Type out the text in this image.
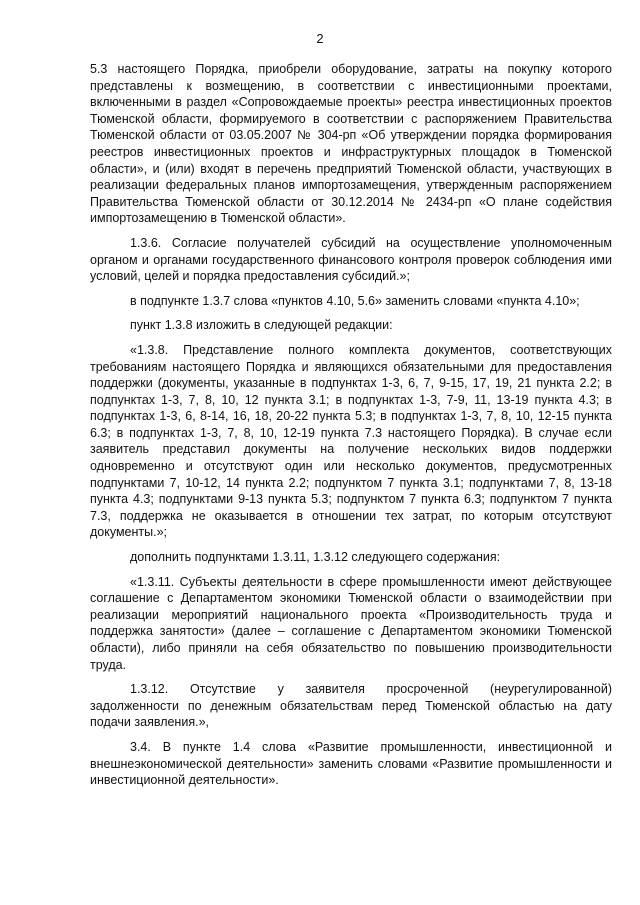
2

5.3 настоящего Порядка, приобрели оборудование, затраты на покупку которого представлены к возмещению, в соответствии с инвестиционными проектами, включенными в раздел «Сопровождаемые проекты» реестра инвестиционных проектов Тюменской области, формируемого в соответствии с распоряжением Правительства Тюменской области от 03.05.2007 № 304-рп «Об утверждении порядка формирования реестров инвестиционных проектов и инфраструктурных площадок в Тюменской области», и (или) входят в перечень предприятий Тюменской области, участвующих в реализации федеральных планов импортозамещения, утвержденным распоряжением Правительства Тюменской области от 30.12.2014 № 2434-рп «О плане содействия импортозамещению в Тюменской области».

1.3.6. Согласие получателей субсидий на осуществление уполномоченным органом и органами государственного финансового контроля проверок соблюдения ими условий, целей и порядка предоставления субсидий.»;

в подпункте 1.3.7 слова «пунктов 4.10, 5.6» заменить словами «пункта 4.10»;

пункт 1.3.8 изложить в следующей редакции:

«1.3.8. Представление полного комплекта документов, соответствующих требованиям настоящего Порядка и являющихся обязательными для предоставления поддержки (документы, указанные в подпунктах 1-3, 6, 7, 9-15, 17, 19, 21 пункта 2.2; в подпунктах 1-3, 7, 8, 10, 12 пункта 3.1; в подпунктах 1-3, 7-9, 11, 13-19 пункта 4.3; в подпунктах 1-3, 6, 8-14, 16, 18, 20-22 пункта 5.3; в подпунктах 1-3, 7, 8, 10, 12-15 пункта 6.3; в подпунктах 1-3, 7, 8, 10, 12-19 пункта 7.3 настоящего Порядка). В случае если заявитель представил документы на получение нескольких видов поддержки одновременно и отсутствуют один или несколько документов, предусмотренных подпунктами 7, 10-12, 14 пункта 2.2; подпунктом 7 пункта 3.1; подпунктами 7, 8, 13-18 пункта 4.3; подпунктами 9-13 пункта 5.3; подпунктом 7 пункта 6.3; подпунктом 7 пункта 7.3, поддержка не оказывается в отношении тех затрат, по которым отсутствуют документы.»;

дополнить подпунктами 1.3.11, 1.3.12 следующего содержания:

«1.3.11. Субъекты деятельности в сфере промышленности имеют действующее соглашение с Департаментом экономики Тюменской области о взаимодействии при реализации мероприятий национального проекта «Производительность труда и поддержка занятости» (далее – соглашение с Департаментом экономики Тюменской области), либо приняли на себя обязательство по повышению производительности труда.

1.3.12. Отсутствие у заявителя просроченной (неурегулированной) задолженности по денежным обязательствам перед Тюменской областью на дату подачи заявления.»,

3.4. В пункте 1.4 слова «Развитие промышленности, инвестиционной и внешнеэкономической деятельности» заменить словами «Развитие промышленности и инвестиционной деятельности».
